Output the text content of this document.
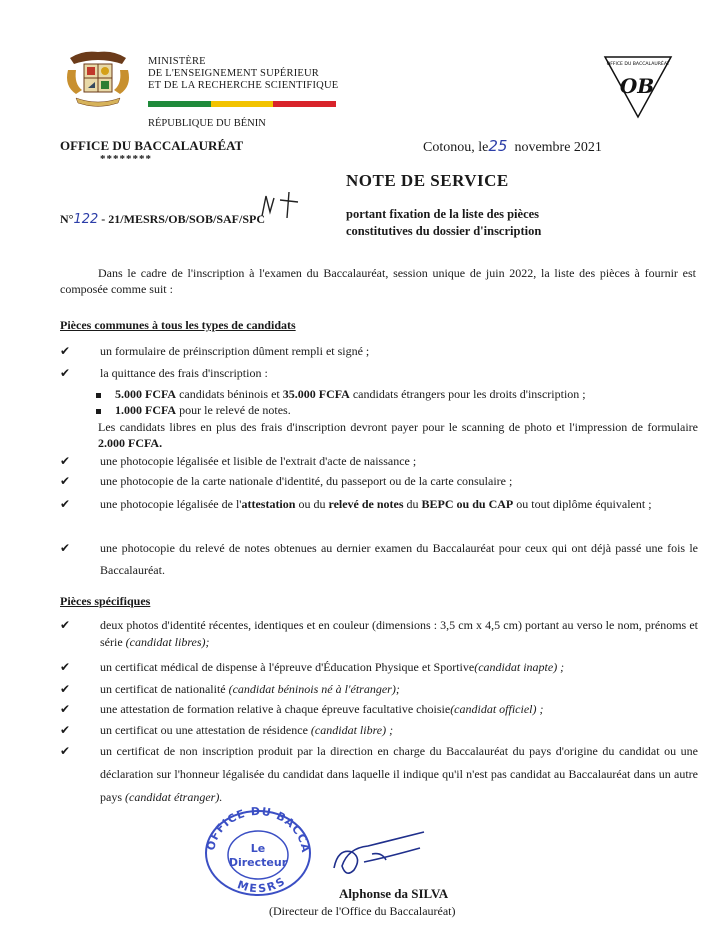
MINISTÈRE
DE L'ENSEIGNEMENT SUPÉRIEUR
ET DE LA RECHERCHE SCIENTIFIQUE
RÉPUBLIQUE DU BÉNIN
OFFICE DU BACCALAURÉAT
OB
OFFICE DU BACCALAURÉAT
********
Cotonou, le25 novembre 2021
NOTE DE SERVICE
N°122 - 21/MESRS/OB/SOB/SAF/SPC	portant fixation de la liste des pièces
constitutives du dossier d'inscription

Dans le cadre de l'inscription à l'examen du Baccalauréat, session unique de juin 2022, la liste des pièces à fournir est composée comme suit :

Pièces communes à tous les types de candidats
✔ un formulaire de préinscription dûment rempli et signé ;
✔ la quittance des frais d'inscription :
5.000 FCFA candidats béninois et 35.000 FCFA candidats étrangers pour les droits d'inscription ;
1.000 FCFA pour le relevé de notes.
Les candidats libres en plus des frais d'inscription devront payer pour le scanning de photo et l'impression de formulaire 2.000 FCFA.
✔ une photocopie légalisée et lisible de l'extrait d'acte de naissance ;
✔ une photocopie de la carte nationale d'identité, du passeport ou de la carte consulaire ;
✔ une photocopie légalisée de l'attestation ou du relevé de notes du BEPC ou du CAP ou tout diplôme équivalent ;
✔ une photocopie du relevé de notes obtenues au dernier examen du Baccalauréat pour ceux qui ont déjà passé une fois le Baccalauréat.
Pièces spécifiques
✔ deux photos d'identité récentes, identiques et en couleur (dimensions : 3,5 cm x 4,5 cm) portant au verso le nom, prénoms et série (candidat libres);
✔ un certificat médical de dispense à l'épreuve d'Éducation Physique et Sportive(candidat inapte) ;
✔ un certificat de nationalité (candidat béninois né à l'étranger);
✔ une attestation de formation relative à chaque épreuve facultative choisie(candidat officiel) ;
✔ un certificat ou une attestation de résidence (candidat libre) ;
✔ un certificat de non inscription produit par la direction en charge du Baccalauréat du pays d'origine du candidat ou une déclaration sur l'honneur légalisée du candidat dans laquelle il indique qu'il n'est pas candidat au Baccalauréat dans un autre pays (candidat étranger).
OFFICE DU BACCA
MESRS
Le
Directeur
Alphonse da SILVA
(Directeur de l'Office du Baccalauréat)
